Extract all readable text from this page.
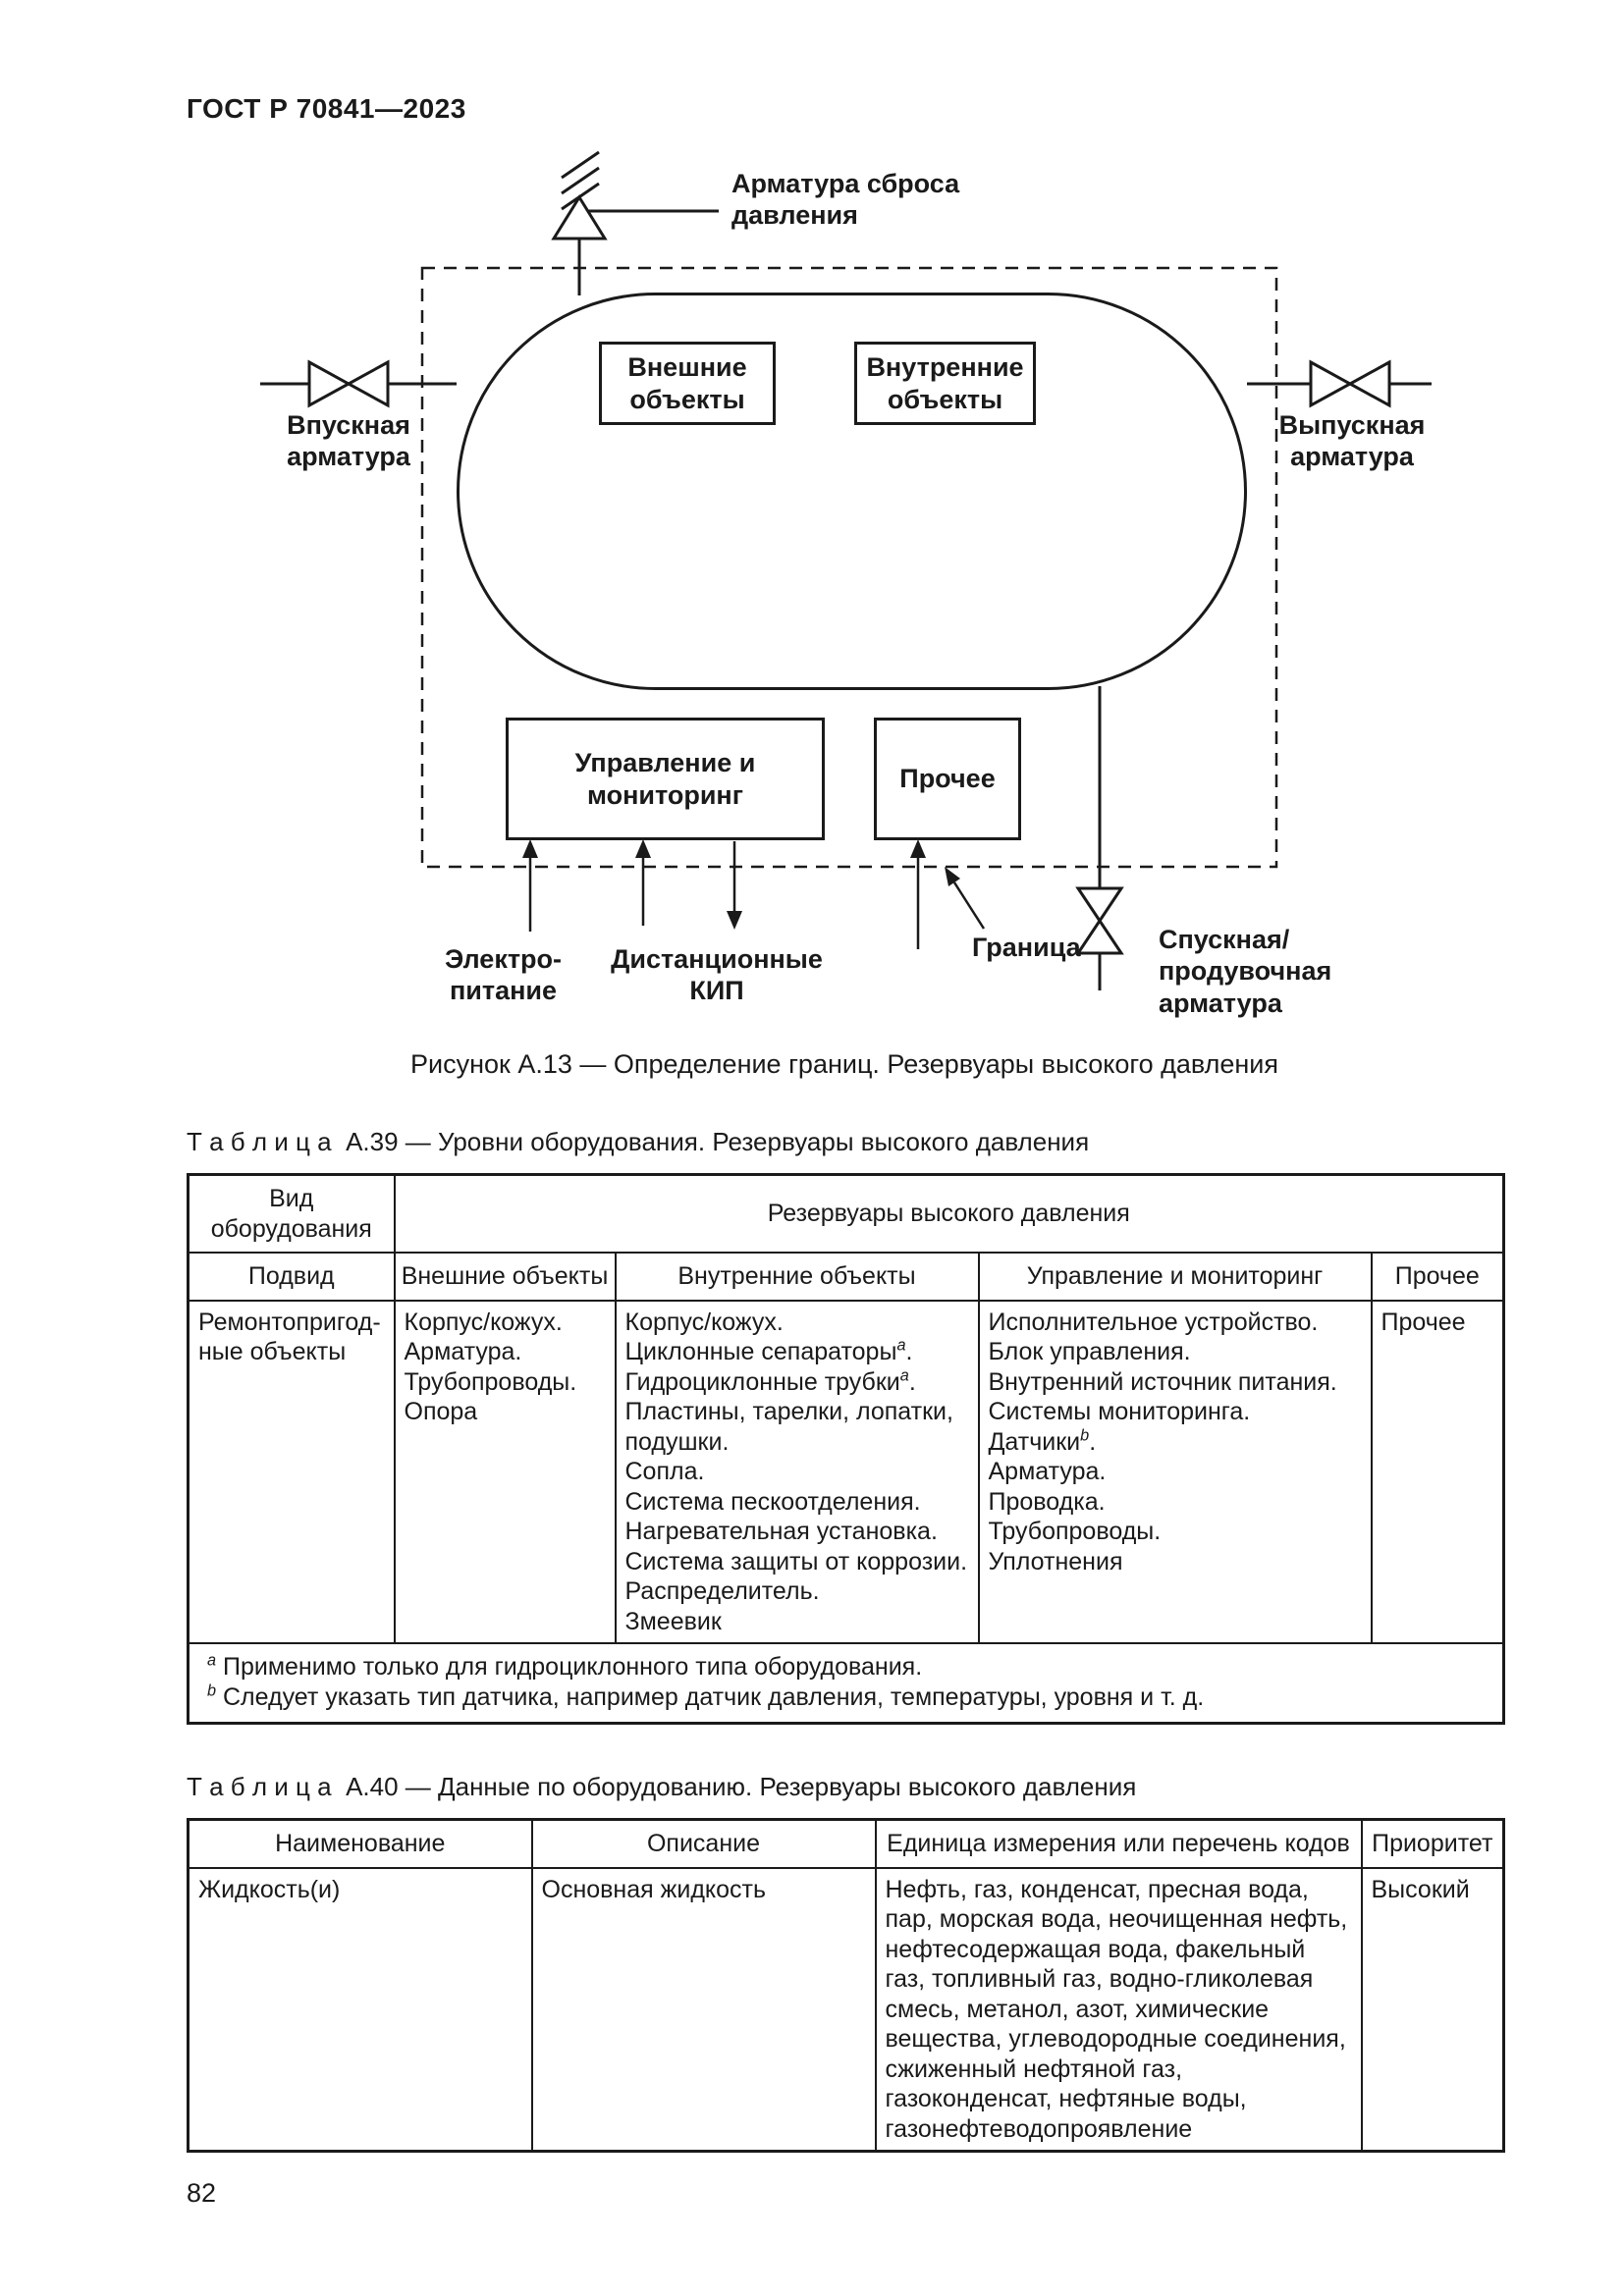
ГОСТ Р 70841—2023
Внешние
объекты
Внутренние
объекты
Управление и
мониторинг
Прочее
Арматура сброса
давления
Впускная
арматура
Выпускная
арматура
Электро-
питание
Дистанционные
КИП
Граница	Спускная/
продувочная
арматура
Рисунок А.13 — Определение границ. Резервуары высокого давления
Т а б л и ц а  А.39 — Уровни оборудования. Резервуары высокого давления
Вид оборудования	Резервуары высокого давления			
Подвид	Внешние объекты	Внутренние объекты	Управление и мониторинг	Прочее
Ремонтопригод-
ные объекты	Корпус/кожух.
Арматура.
Трубопроводы.
Опора	Корпус/кожух.
Циклонные сепараторы$^a$.
Гидроциклонные трубки$^a$.
Пластины, тарелки, лопатки, подушки.
Сопла.
Система пескоотделения.
Нагревательная установка.
Система защиты от коррозии.
Распределитель.
Змеевик	Исполнительное устройство.
Блок управления.
Внутренний источник питания.
Системы мониторинга.
Датчики$^b$.
Арматура.
Проводка.
Трубопроводы.
Уплотнения	Прочее
$^a$ Применимо только для гидроциклонного типа оборудования.
$^b$ Следует указать тип датчика, например датчик давления, температуры, уровня и т. д.				
Т а б л и ц а  А.40 — Данные по оборудованию. Резервуары высокого давления
Наименование	Описание	Единица измерения или перечень кодов	Приоритет
Жидкость(и)	Основная жидкость	Нефть, газ, конденсат, пресная вода, пар, морская вода, неочищенная нефть, нефтесодержащая вода, факельный газ, топливный газ, водно-гликолевая смесь, метанол, азот, химические вещества, углеводородные соединения, сжиженный нефтяной газ, газоконденсат, нефтяные воды, газонефтеводопроявление	Высокий
82
